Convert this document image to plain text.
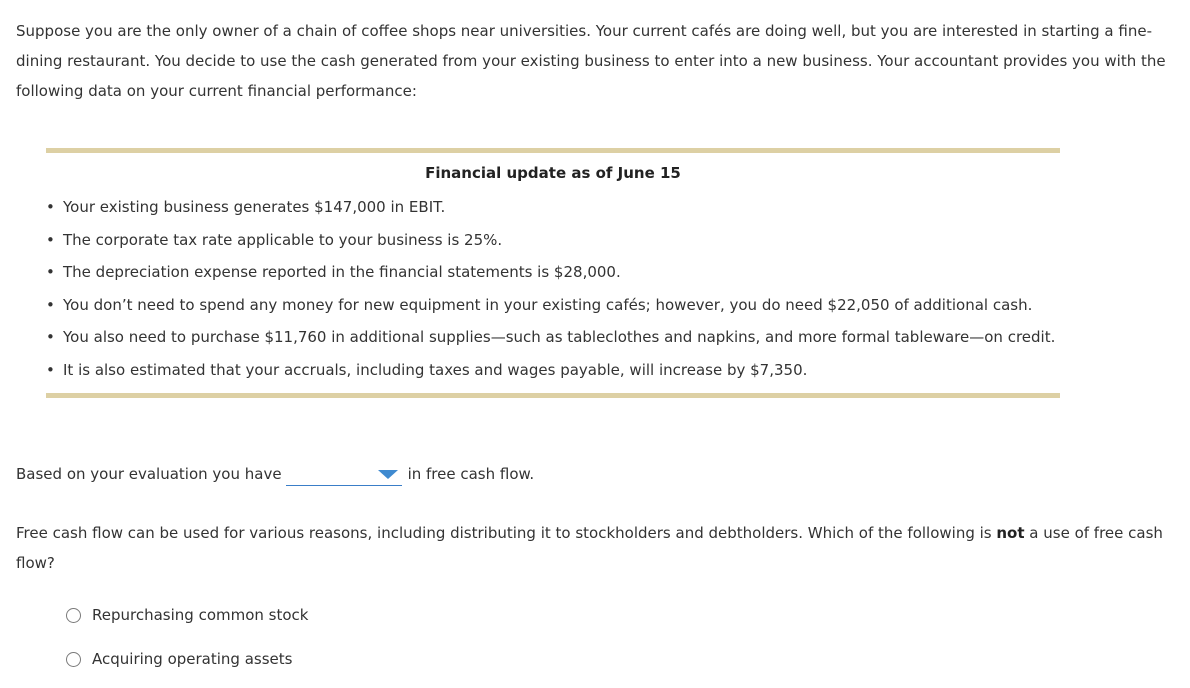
Suppose you are the only owner of a chain of coffee shops near universities. Your current cafés are doing well, but you are interested in starting a fine-dining restaurant. You decide to use the cash generated from your existing business to enter into a new business. Your accountant provides you with the following data on your current financial performance:

Financial update as of June 15
• Your existing business generates $147,000 in EBIT.
• The corporate tax rate applicable to your business is 25%.
• The depreciation expense reported in the financial statements is $28,000.
• You don’t need to spend any money for new equipment in your existing cafés; however, you do need $22,050 of additional cash.
• You also need to purchase $11,760 in additional supplies—such as tableclothes and napkins, and more formal tableware—on credit.
• It is also estimated that your accruals, including taxes and wages payable, will increase by $7,350.
Based on your evaluation you have	in free cash flow.

Free cash flow can be used for various reasons, including distributing it to stockholders and debtholders. Which of the following is not a use of free cash flow?

Repurchasing common stock
Acquiring operating assets
